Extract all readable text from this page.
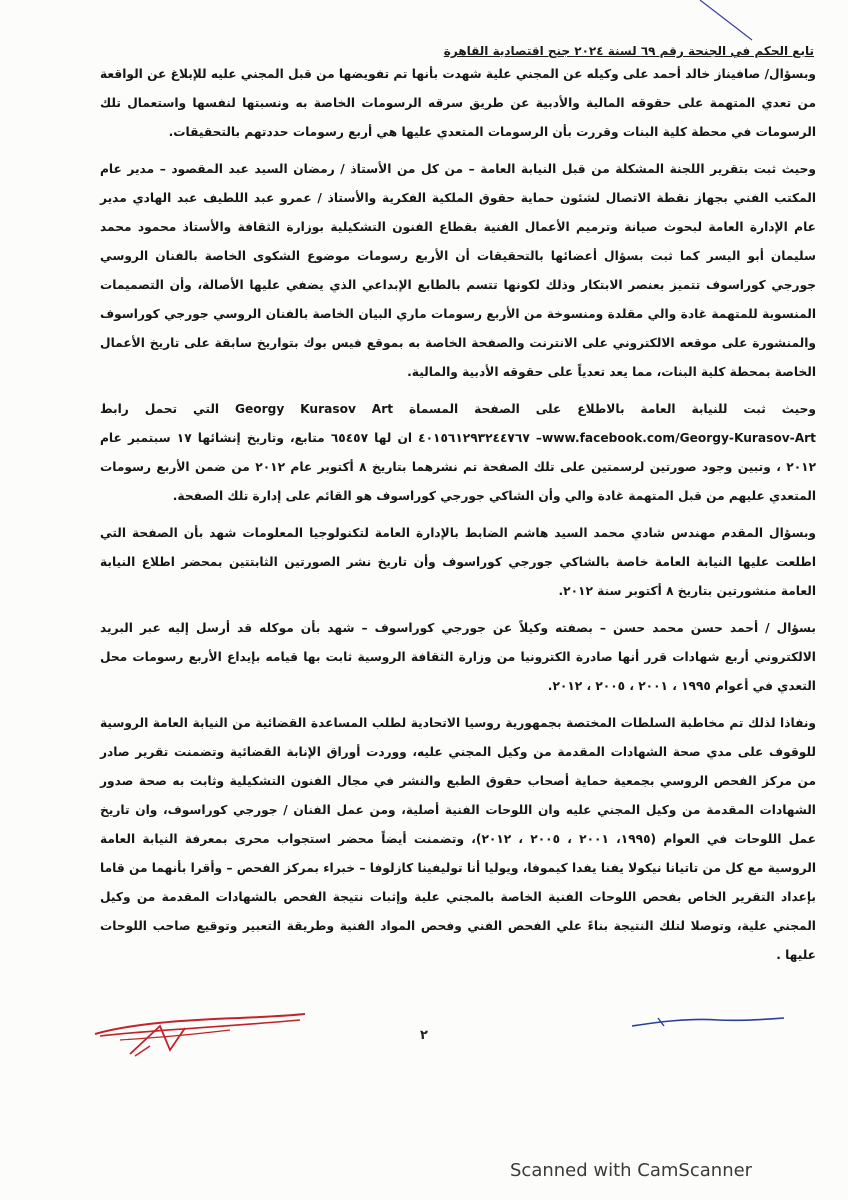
تابع الحكم في الجنحة رقم ٦٩ لسنة ٢٠٢٤ جنح اقتصادية القاهرة

وبسؤال/ صافيناز خالد أحمد على وكيله عن المجني علية شهدت بأنها تم تفويضها من قبل المجني عليه للإبلاغ عن الواقعة من تعدي المتهمة على حقوقه المالية والأدبية عن طريق سرقه الرسومات الخاصة به ونسبتها لنفسها واستعمال تلك الرسومات في محطة كلية البنات وقررت بأن الرسومات المتعدي عليها هي أربع رسومات حددتهم بالتحقيقات.

وحيث ثبت بتقرير اللجنة المشكلة من قبل النيابة العامة – من كل من الأستاذ / رمضان السيد عبد المقصود – مدير عام المكتب الفني بجهاز نقطة الاتصال لشئون حماية حقوق الملكية الفكرية والأستاذ / عمرو عبد اللطيف عبد الهادي مدير عام الإدارة العامة لبحوث صيانة وترميم الأعمال الفنية بقطاع الفنون التشكيلية بوزارة الثقافة والأستاذ محمود محمد سليمان أبو اليسر كما ثبت بسؤال أعضائها بالتحقيقات أن الأربع رسومات موضوع الشكوى الخاصة بالفنان الروسي جورجي كوراسوف تتميز بعنصر الابتكار وذلك لكونها تتسم بالطابع الإبداعي الذي يضفي عليها الأصالة، وأن التصميمات المنسوبة للمتهمة غادة والي مقلدة ومنسوخة من الأربع رسومات ماري البيان الخاصة بالفنان الروسي جورجي كوراسوف والمنشورة على موقعه الالكتروني على الانترنت والصفحة الخاصة به بموقع فيس بوك بتواريخ سابقة على تاريخ الأعمال الخاصة بمحطة كلية البنات، مما يعد تعدياً على حقوقه الأدبية والمالية.

وحيث ثبت للنيابة العامة بالاطلاع على الصفحة المسماة Georgy Kurasov Art التي تحمل رابط www.facebook.com/Georgy-Kurasov-Art– ٤٠١٥٦١٢٩٣٢٤٤٧٦٧ ان لها ٦٥٤٥٧ متابع، وتاريخ إنشائها ١٧ سبتمبر عام ٢٠١٢ ، وتبين وجود صورتين لرسمتين على تلك الصفحة تم نشرهما بتاريخ ٨ أكتوبر عام ٢٠١٢ من ضمن الأربع رسومات المتعدي عليهم من قبل المتهمة غادة والي وأن الشاكي جورجي كوراسوف هو القائم على إدارة تلك الصفحة.

وبسؤال المقدم مهندس شادي محمد السيد هاشم الضابط بالإدارة العامة لتكنولوجيا المعلومات شهد بأن الصفحة التي اطلعت عليها النيابة العامة خاصة بالشاكي جورجي كوراسوف وأن تاريخ نشر الصورتين الثابتتين بمحضر اطلاع النيابة العامة منشورتين بتاريخ ٨ أكتوبر سنة ٢٠١٢.

بسؤال / أحمد حسن محمد حسن – بصفته وكيلاً عن جورجي كوراسوف – شهد بأن موكله قد أرسل إليه عبر البريد الالكتروني أربع شهادات قرر أنها صادرة الكترونيا من وزارة الثقافة الروسية ثابت بها قيامه بإيداع الأربع رسومات محل التعدي في أعوام ١٩٩٥ ، ٢٠٠١ ، ٢٠٠٥ ، ٢٠١٢.

ونفاذا لذلك تم مخاطبة السلطات المختصة بجمهورية روسيا الاتحادية لطلب المساعدة القضائية من النيابة العامة الروسية للوقوف على مدي صحة الشهادات المقدمة من وكيل المجني عليه، ووردت أوراق الإنابة القضائية وتضمنت تقرير صادر من مركز الفحص الروسي بجمعية حماية أصحاب حقوق الطبع والنشر في مجال الفنون التشكيلية وثابت به صحة صدور الشهادات المقدمة من وكيل المجني عليه وان اللوحات الفنية أصلية، ومن عمل الفنان / جورجي كوراسوف، وان تاريخ عمل اللوحات في العوام (١٩٩٥، ٢٠٠١ ، ٢٠٠٥ ، ٢٠١٢)، وتضمنت أيضاً محضر استجواب محرى بمعرفة النيابة العامة الروسية مع كل من تاتيانا نيكولا يفنا يفدا كيموفا، ويوليا أنا توليفينا كازلوفا – خبراء بمركز الفحص – وأقرا بأنهما من قاما بإعداد التقرير الخاص بفحص اللوحات الفنية الخاصة بالمجني علية وإثبات نتيجة الفحص بالشهادات المقدمة من وكيل المجني علية، وتوصلا لتلك النتيجة بناءً علي الفحص الفني وفحص المواد الفنية وطريقة التعبير وتوقيع صاحب اللوحات عليها .

٢
Scanned with CamScanner
